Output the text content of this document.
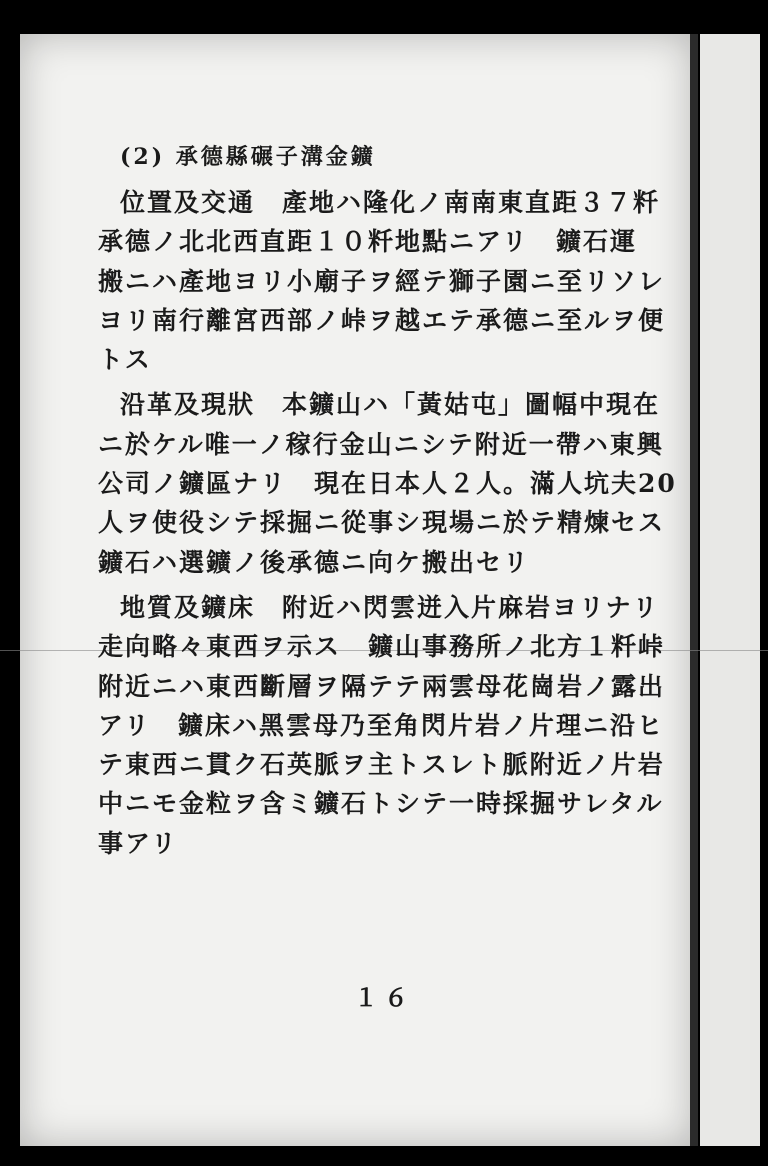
(2) 承德縣碾子溝金鑛

位置及交通　產地ハ隆化ノ南南東直距３７粁

承德ノ北北西直距１０粁地點ニアリ　鑛石運

搬ニハ產地ヨリ小廟子ヲ經テ獅子園ニ至リソレ

ヨリ南行離宮西部ノ峠ヲ越エテ承德ニ至ルヲ便

トス

沿革及現狀　本鑛山ハ「黃姑屯」圖幅中現在

ニ於ケル唯一ノ稼行金山ニシテ附近一帶ハ東興

公司ノ鑛區ナリ　現在日本人２人。滿人坑夫20

人ヲ使役シテ採掘ニ從事シ現場ニ於テ精煉セス

鑛石ハ選鑛ノ後承德ニ向ケ搬出セリ

地質及鑛床　附近ハ閃雲迸入片麻岩ヨリナリ

走向略々東西ヲ示ス　鑛山事務所ノ北方１粁峠

附近ニハ東西斷層ヲ隔テテ兩雲母花崗岩ノ露出

アリ　鑛床ハ黑雲母乃至角閃片岩ノ片理ニ沿ヒ

テ東西ニ貫ク石英脈ヲ主トスレト脈附近ノ片岩

中ニモ金粒ヲ含ミ鑛石トシテ一時採掘サレタル

事アリ

１６
